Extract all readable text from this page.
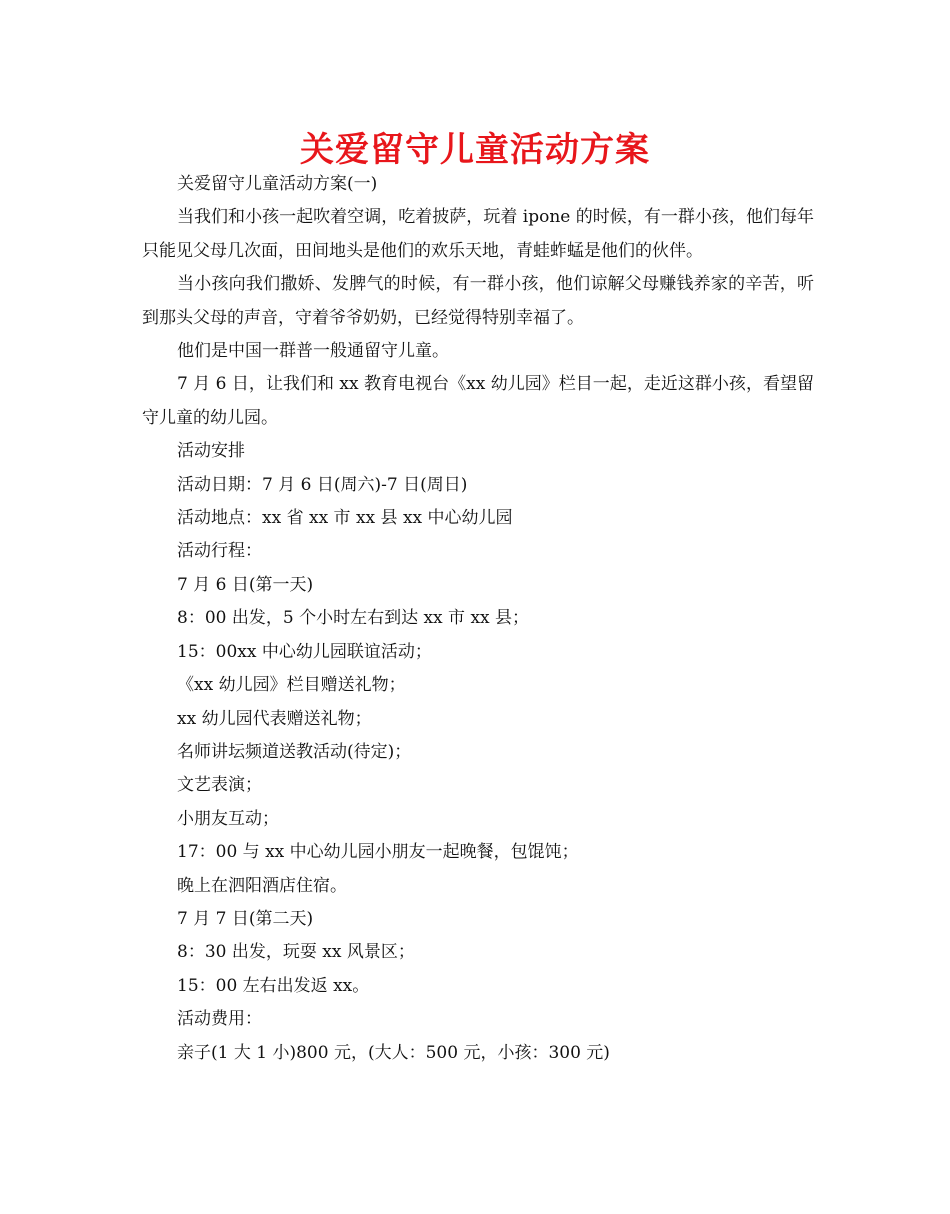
关爱留守儿童活动方案

关爱留守儿童活动方案(一)

当我们和小孩一起吹着空调，吃着披萨，玩着 ipone 的时候，有一群小孩，他们每年只能见父母几次面，田间地头是他们的欢乐天地，青蛙蚱蜢是他们的伙伴。

当小孩向我们撒娇、发脾气的时候，有一群小孩，他们谅解父母赚钱养家的辛苦，听到那头父母的声音，守着爷爷奶奶，已经觉得特别幸福了。

他们是中国一群普一般通留守儿童。

7 月 6 日，让我们和 xx 教育电视台《xx 幼儿园》栏目一起，走近这群小孩，看望留守儿童的幼儿园。

活动安排

活动日期：7 月 6 日(周六)-7 日(周日)

活动地点：xx 省 xx 市 xx 县 xx 中心幼儿园

活动行程：

7 月 6 日(第一天)

8：00 出发，5 个小时左右到达 xx 市 xx 县；

15：00xx 中心幼儿园联谊活动；

《xx 幼儿园》栏目赠送礼物；

xx 幼儿园代表赠送礼物；

名师讲坛频道送教活动(待定)；

文艺表演；

小朋友互动；

17：00 与 xx 中心幼儿园小朋友一起晚餐，包馄饨；

晚上在泗阳酒店住宿。

7 月 7 日(第二天)

8：30 出发，玩耍 xx 风景区；

15：00 左右出发返 xx。

活动费用：

亲子(1 大 1 小)800 元，(大人：500 元，小孩：300 元)
